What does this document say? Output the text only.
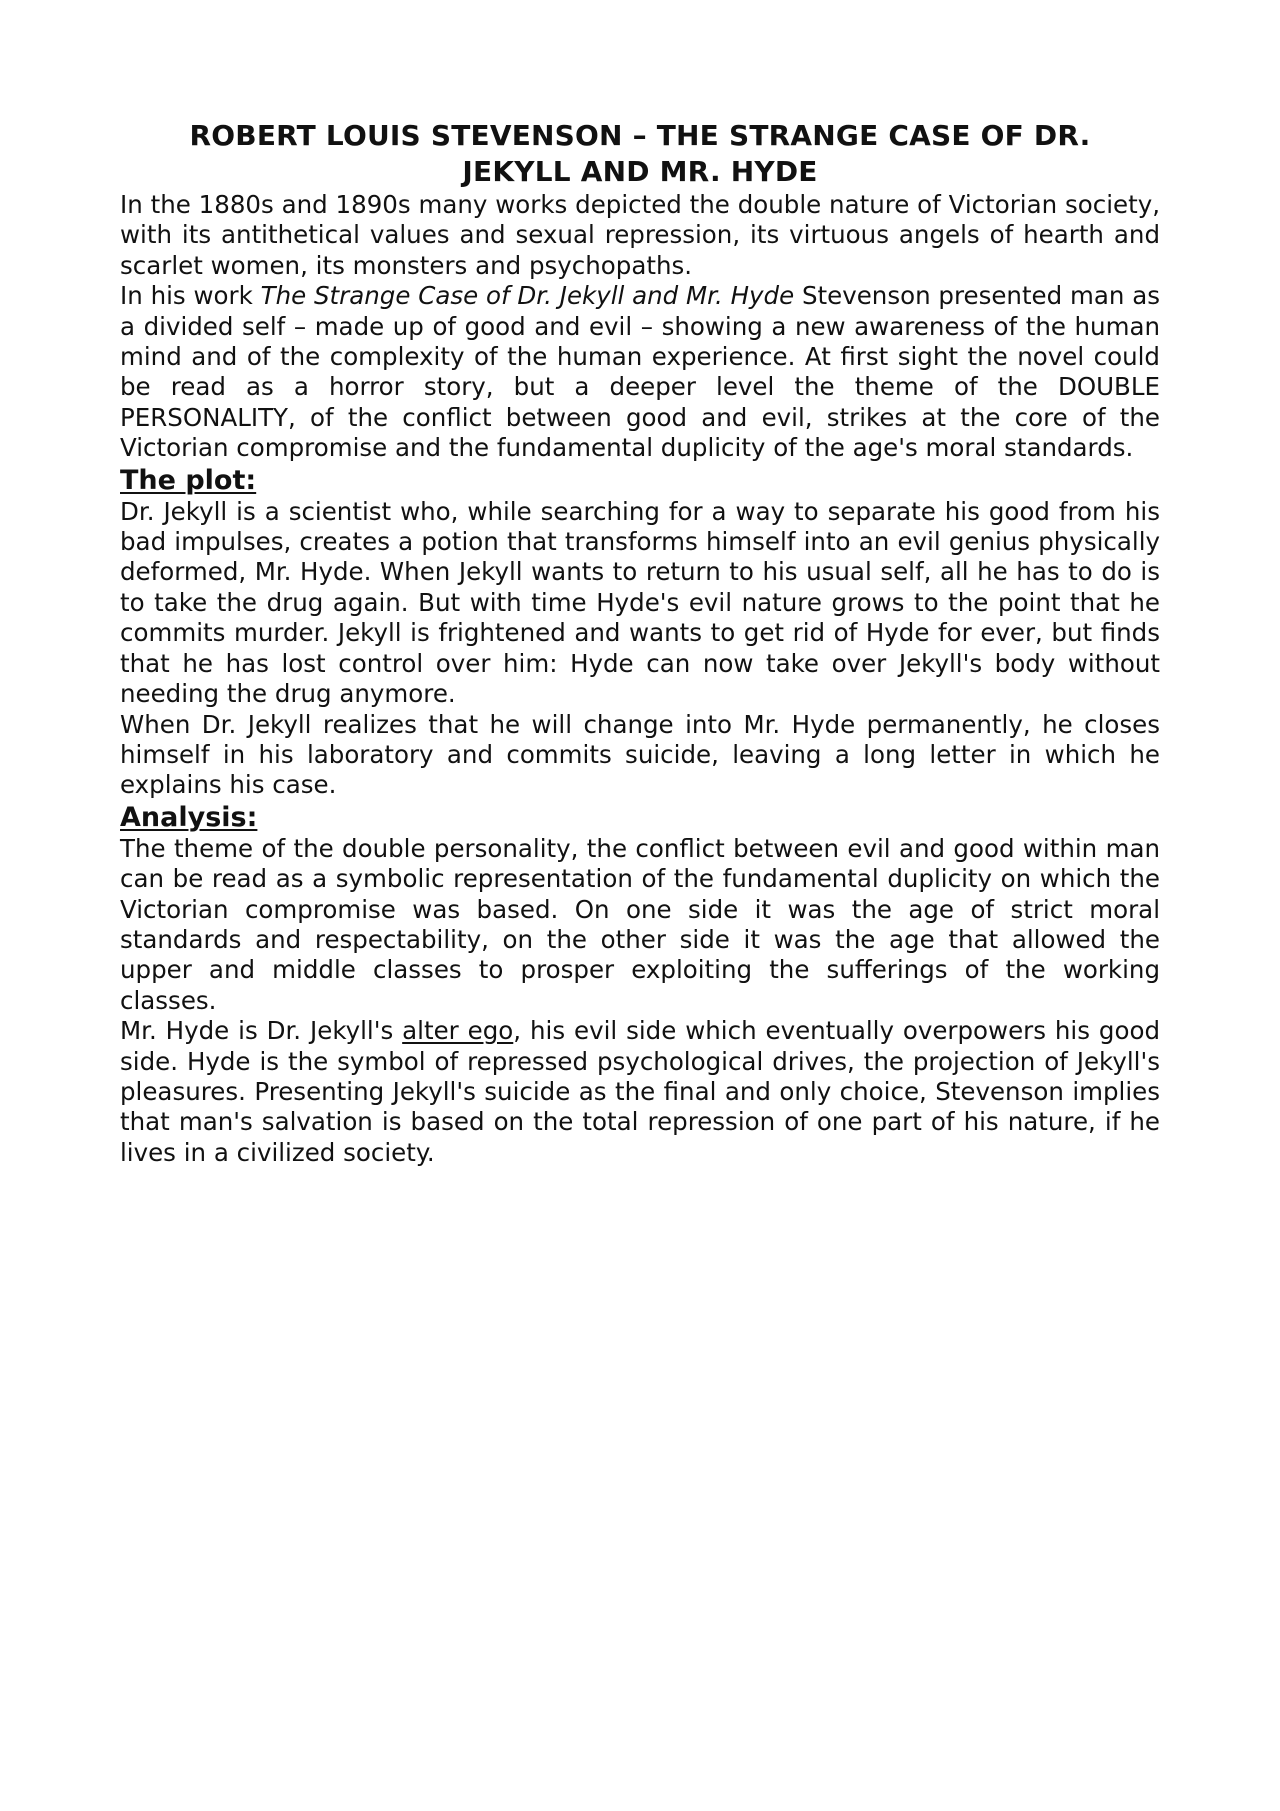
ROBERT LOUIS STEVENSON – THE STRANGE CASE OF DR. JEKYLL AND MR. HYDE

In the 1880s and 1890s many works depicted the double nature of Victorian society, with its antithetical values and sexual repression, its virtuous angels of hearth and scarlet women, its monsters and psychopaths.

In his work The Strange Case of Dr. Jekyll and Mr. Hyde Stevenson presented man as a divided self – made up of good and evil – showing a new awareness of the human mind and of the complexity of the human experience. At first sight the novel could be read as a horror story, but a deeper level the theme of the DOUBLE PERSONALITY, of the conflict between good and evil, strikes at the core of the Victorian compromise and the fundamental duplicity of the age's moral standards.

The plot:

Dr. Jekyll is a scientist who, while searching for a way to separate his good from his bad impulses, creates a potion that transforms himself into an evil genius physically deformed, Mr. Hyde. When Jekyll wants to return to his usual self, all he has to do is to take the drug again. But with time Hyde's evil nature grows to the point that he commits murder. Jekyll is frightened and wants to get rid of Hyde for ever, but finds that he has lost control over him: Hyde can now take over Jekyll's body without needing the drug anymore.

When Dr. Jekyll realizes that he will change into Mr. Hyde permanently, he closes himself in his laboratory and commits suicide, leaving a long letter in which he explains his case.

Analysis:

The theme of the double personality, the conflict between evil and good within man can be read as a symbolic representation of the fundamental duplicity on which the Victorian compromise was based. On one side it was the age of strict moral standards and respectability, on the other side it was the age that allowed the upper and middle classes to prosper exploiting the sufferings of the working classes.

Mr. Hyde is Dr. Jekyll's alter ego, his evil side which eventually overpowers his good side. Hyde is the symbol of repressed psychological drives, the projection of Jekyll's pleasures. Presenting Jekyll's suicide as the final and only choice, Stevenson implies that man's salvation is based on the total repression of one part of his nature, if he lives in a civilized society.
